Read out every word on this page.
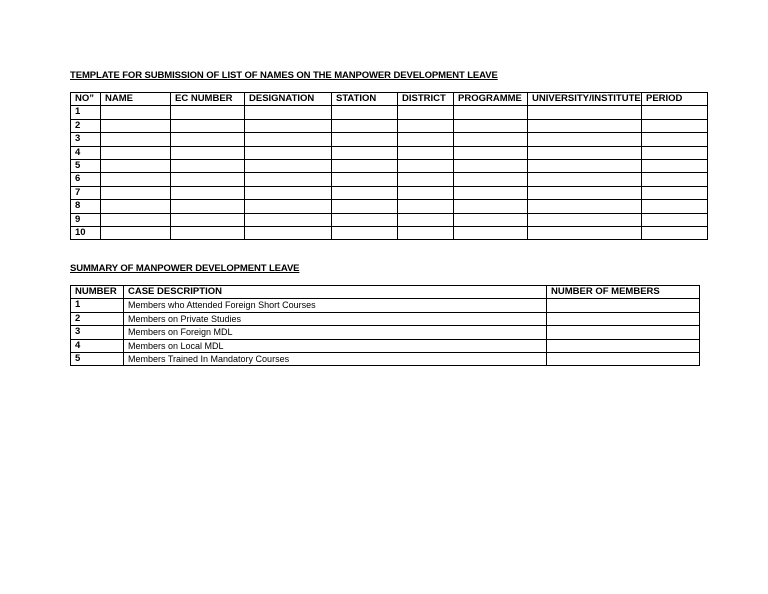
TEMPLATE FOR SUBMISSION OF LIST OF NAMES ON THE MANPOWER DEVELOPMENT LEAVE
NO”	NAME	EC NUMBER	DESIGNATION	STATION	DISTRICT	PROGRAMME	UNIVERSITY/INSTITUTE	PERIOD
1								
2								
3								
4								
5								
6								
7								
8								
9								
10								
SUMMARY OF MANPOWER DEVELOPMENT LEAVE
NUMBER	CASE DESCRIPTION	NUMBER OF MEMBERS
1	Members who Attended Foreign Short Courses	
2	Members on Private Studies	
3	Members on Foreign MDL	
4	Members on Local MDL	
5	Members Trained In Mandatory Courses	
